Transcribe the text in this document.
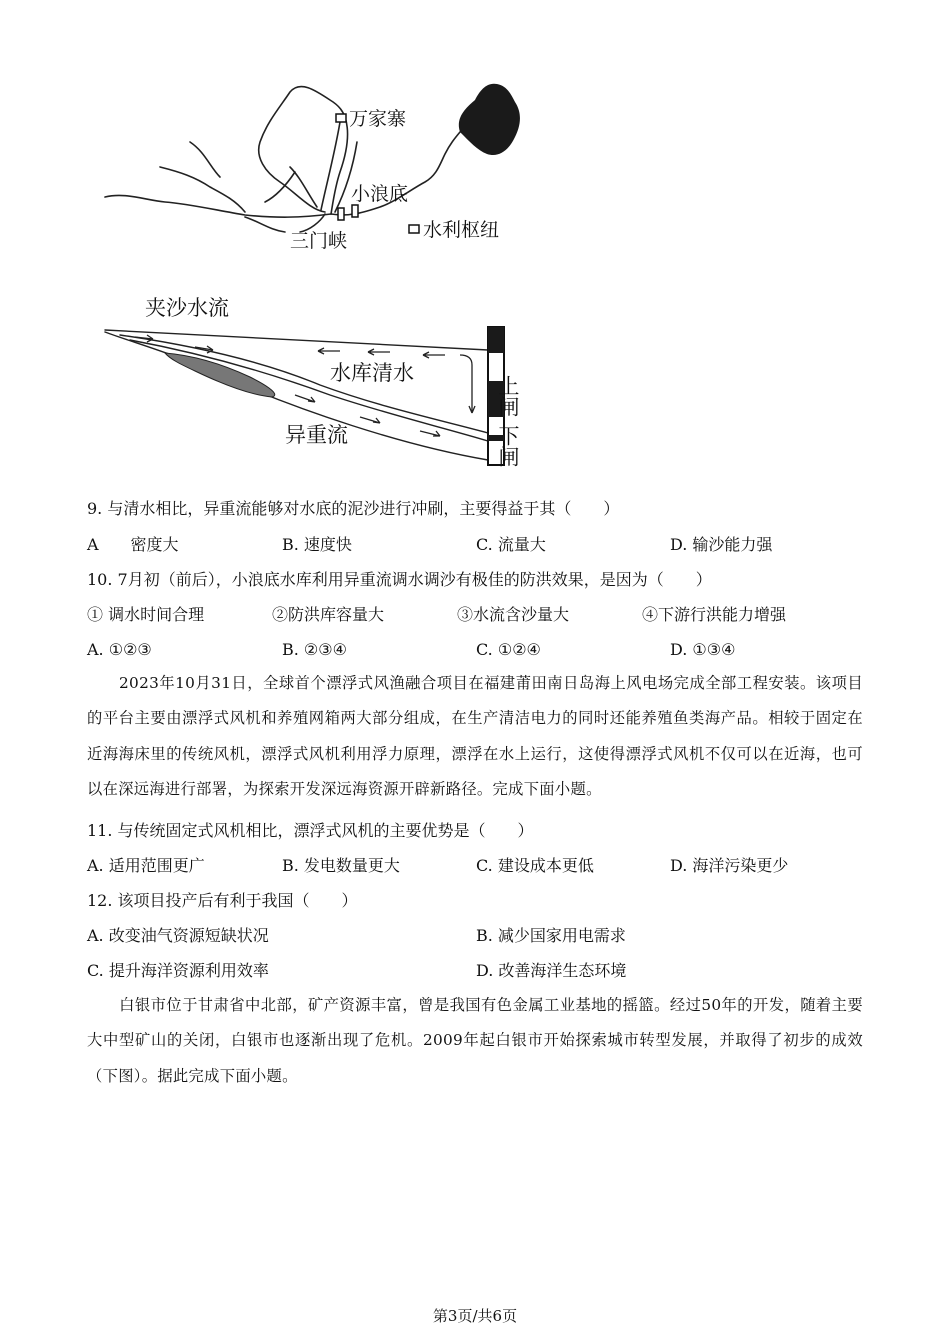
万家寨
小浪底
三门峡	水利枢纽
夹沙水流
水库清水
异重流
上闸
下闸
9. 与清水相比，异重流能够对水底的泥沙进行冲刷，主要得益于其（　　）
A　　密度大	B. 速度快	C. 流量大	D. 输沙能力强
10. 7月初（前后），小浪底水库利用异重流调水调沙有极佳的防洪效果，是因为（　　）
① 调水时间合理	②防洪库容量大	③水流含沙量大	④下游行洪能力增强
A. ①②③	B. ②③④	C. ①②④	D. ①③④
2023年10月31日，全球首个漂浮式风渔融合项目在福建莆田南日岛海上风电场完成全部工程安装。该项目的平台主要由漂浮式风机和养殖网箱两大部分组成，在生产清洁电力的同时还能养殖鱼类海产品。相较于固定在近海海床里的传统风机，漂浮式风机利用浮力原理，漂浮在水上运行，这使得漂浮式风机不仅可以在近海，也可以在深远海进行部署，为探索开发深远海资源开辟新路径。完成下面小题。
11. 与传统固定式风机相比，漂浮式风机的主要优势是（　　）
A. 适用范围更广	B. 发电数量更大	C. 建设成本更低	D. 海洋污染更少
12. 该项目投产后有利于我国（　　）
A. 改变油气资源短缺状况	B. 减少国家用电需求
C. 提升海洋资源利用效率	D. 改善海洋生态环境
白银市位于甘肃省中北部，矿产资源丰富，曾是我国有色金属工业基地的摇篮。经过50年的开发，随着主要大中型矿山的关闭，白银市也逐渐出现了危机。2009年起白银市开始探索城市转型发展，并取得了初步的成效（下图）。据此完成下面小题。
第3页/共6页
